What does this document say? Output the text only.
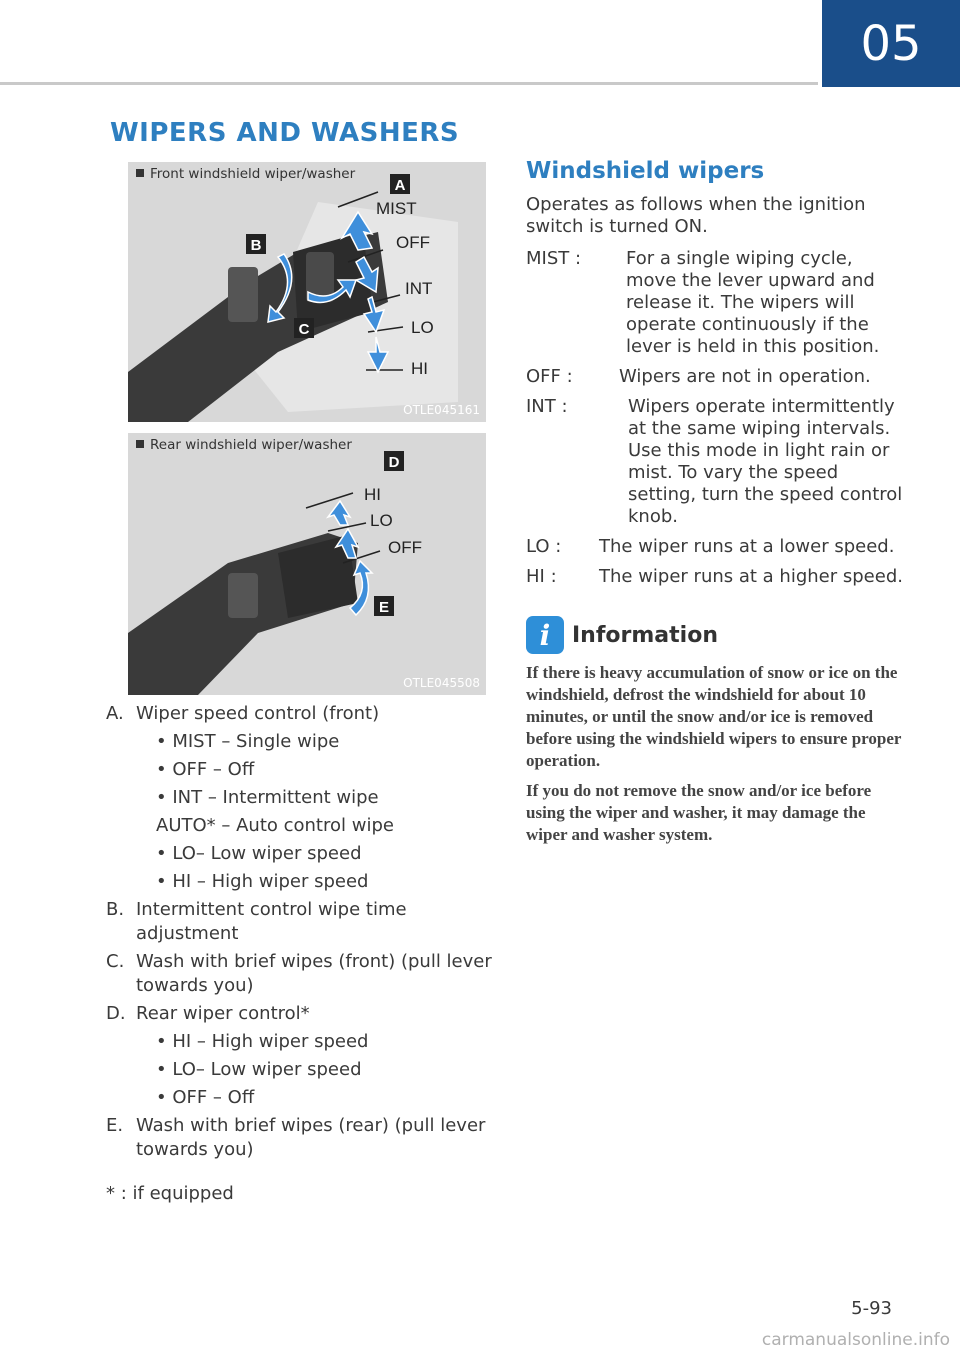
05
WIPERS AND WASHERS
A
B
C
MIST
OFF
INT
LO
HI
Front windshield wiper/washer
OTLE045161
D
E
HI
LO
OFF
Rear windshield wiper/washer
OTLE045508
A. Wiper speed control (front)
• MIST – Single wipe
• OFF – Off
• INT – Intermittent wipe
AUTO* – Auto control wipe
• LO– Low wiper speed
• HI – High wiper speed
B. Intermittent control wipe time adjustment
C. Wash with brief wipes (front) (pull lever towards you)
D. Rear wiper control*
• HI – High wiper speed
• LO– Low wiper speed
• OFF – Off
E. Wash with brief wipes (rear) (pull lever towards you)
* : if equipped
Windshield wipers
Operates as follows when the ignition switch is turned ON.
MIST :	For a single wiping cycle, move the lever upward and release it. The wipers will operate continuously if the lever is held in this position.
OFF :	Wipers are not in operation.
INT :	Wipers operate intermittently at the same wiping intervals. Use this mode in light rain or mist. To vary the speed setting, turn the speed control knob.
LO :	The wiper runs at a lower speed.
HI :	The wiper runs at a higher speed.
i Information
If there is heavy accumulation of snow or ice on the windshield, defrost the windshield for about 10 minutes, or until the snow and/or ice is removed before using the windshield wipers to ensure proper operation.
If you do not remove the snow and/or ice before using the wiper and washer, it may damage the wiper and washer system.
5-93
carmanualsonline.info
